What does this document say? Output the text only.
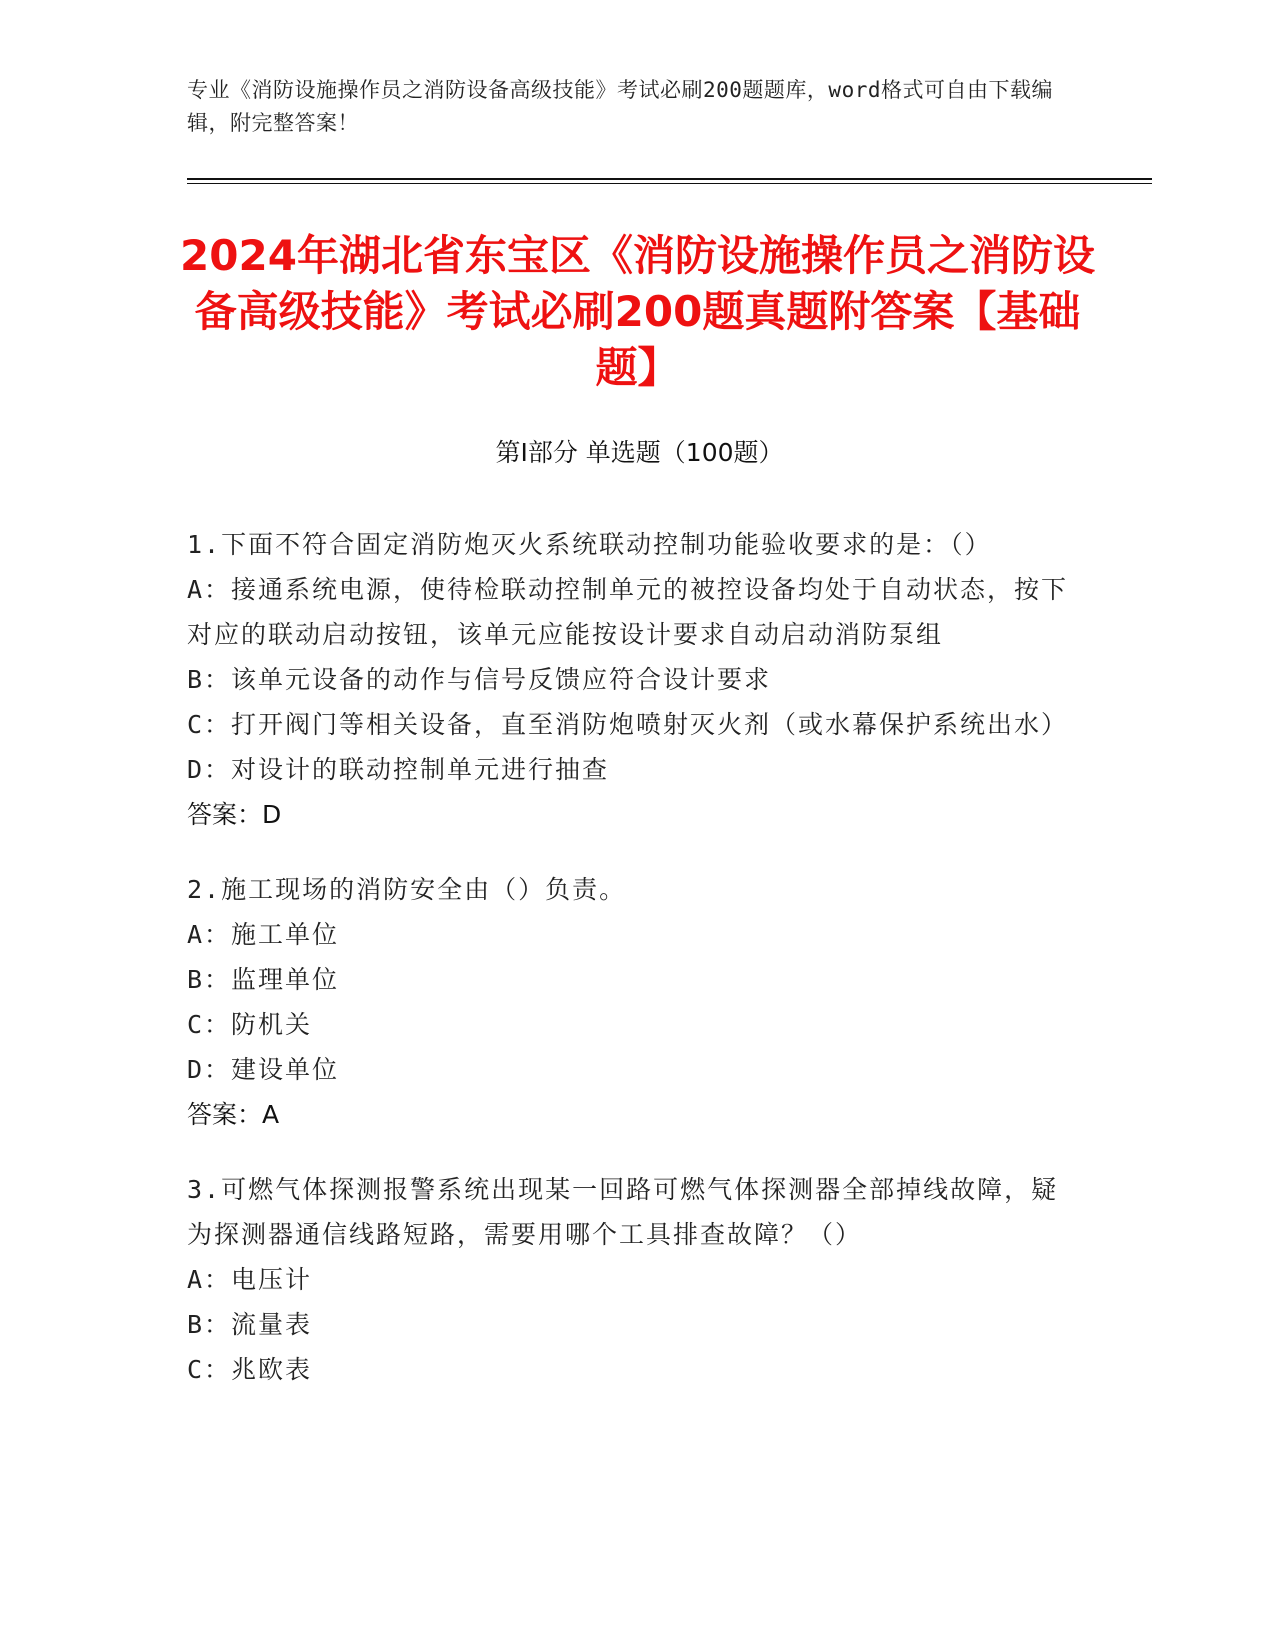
专业《消防设施操作员之消防设备高级技能》考试必刷200题题库，word格式可自由下载编辑，附完整答案！
2024年湖北省东宝区《消防设施操作员之消防设备高级技能》考试必刷200题真题附答案【基础题】
第I部分 单选题（100题）

1.下面不符合固定消防炮灭火系统联动控制功能验收要求的是：（）

A：接通系统电源，使待检联动控制单元的被控设备均处于自动状态，按下对应的联动启动按钮，该单元应能按设计要求自动启动消防泵组

B：该单元设备的动作与信号反馈应符合设计要求

C：打开阀门等相关设备，直至消防炮喷射灭火剂（或水幕保护系统出水）

D：对设计的联动控制单元进行抽查

答案：D

2.施工现场的消防安全由（）负责。

A：施工单位

B：监理单位

C：防机关

D：建设单位

答案：A

3.可燃气体探测报警系统出现某一回路可燃气体探测器全部掉线故障，疑为探测器通信线路短路，需要用哪个工具排查故障？（）

A：电压计

B：流量表

C：兆欧表
